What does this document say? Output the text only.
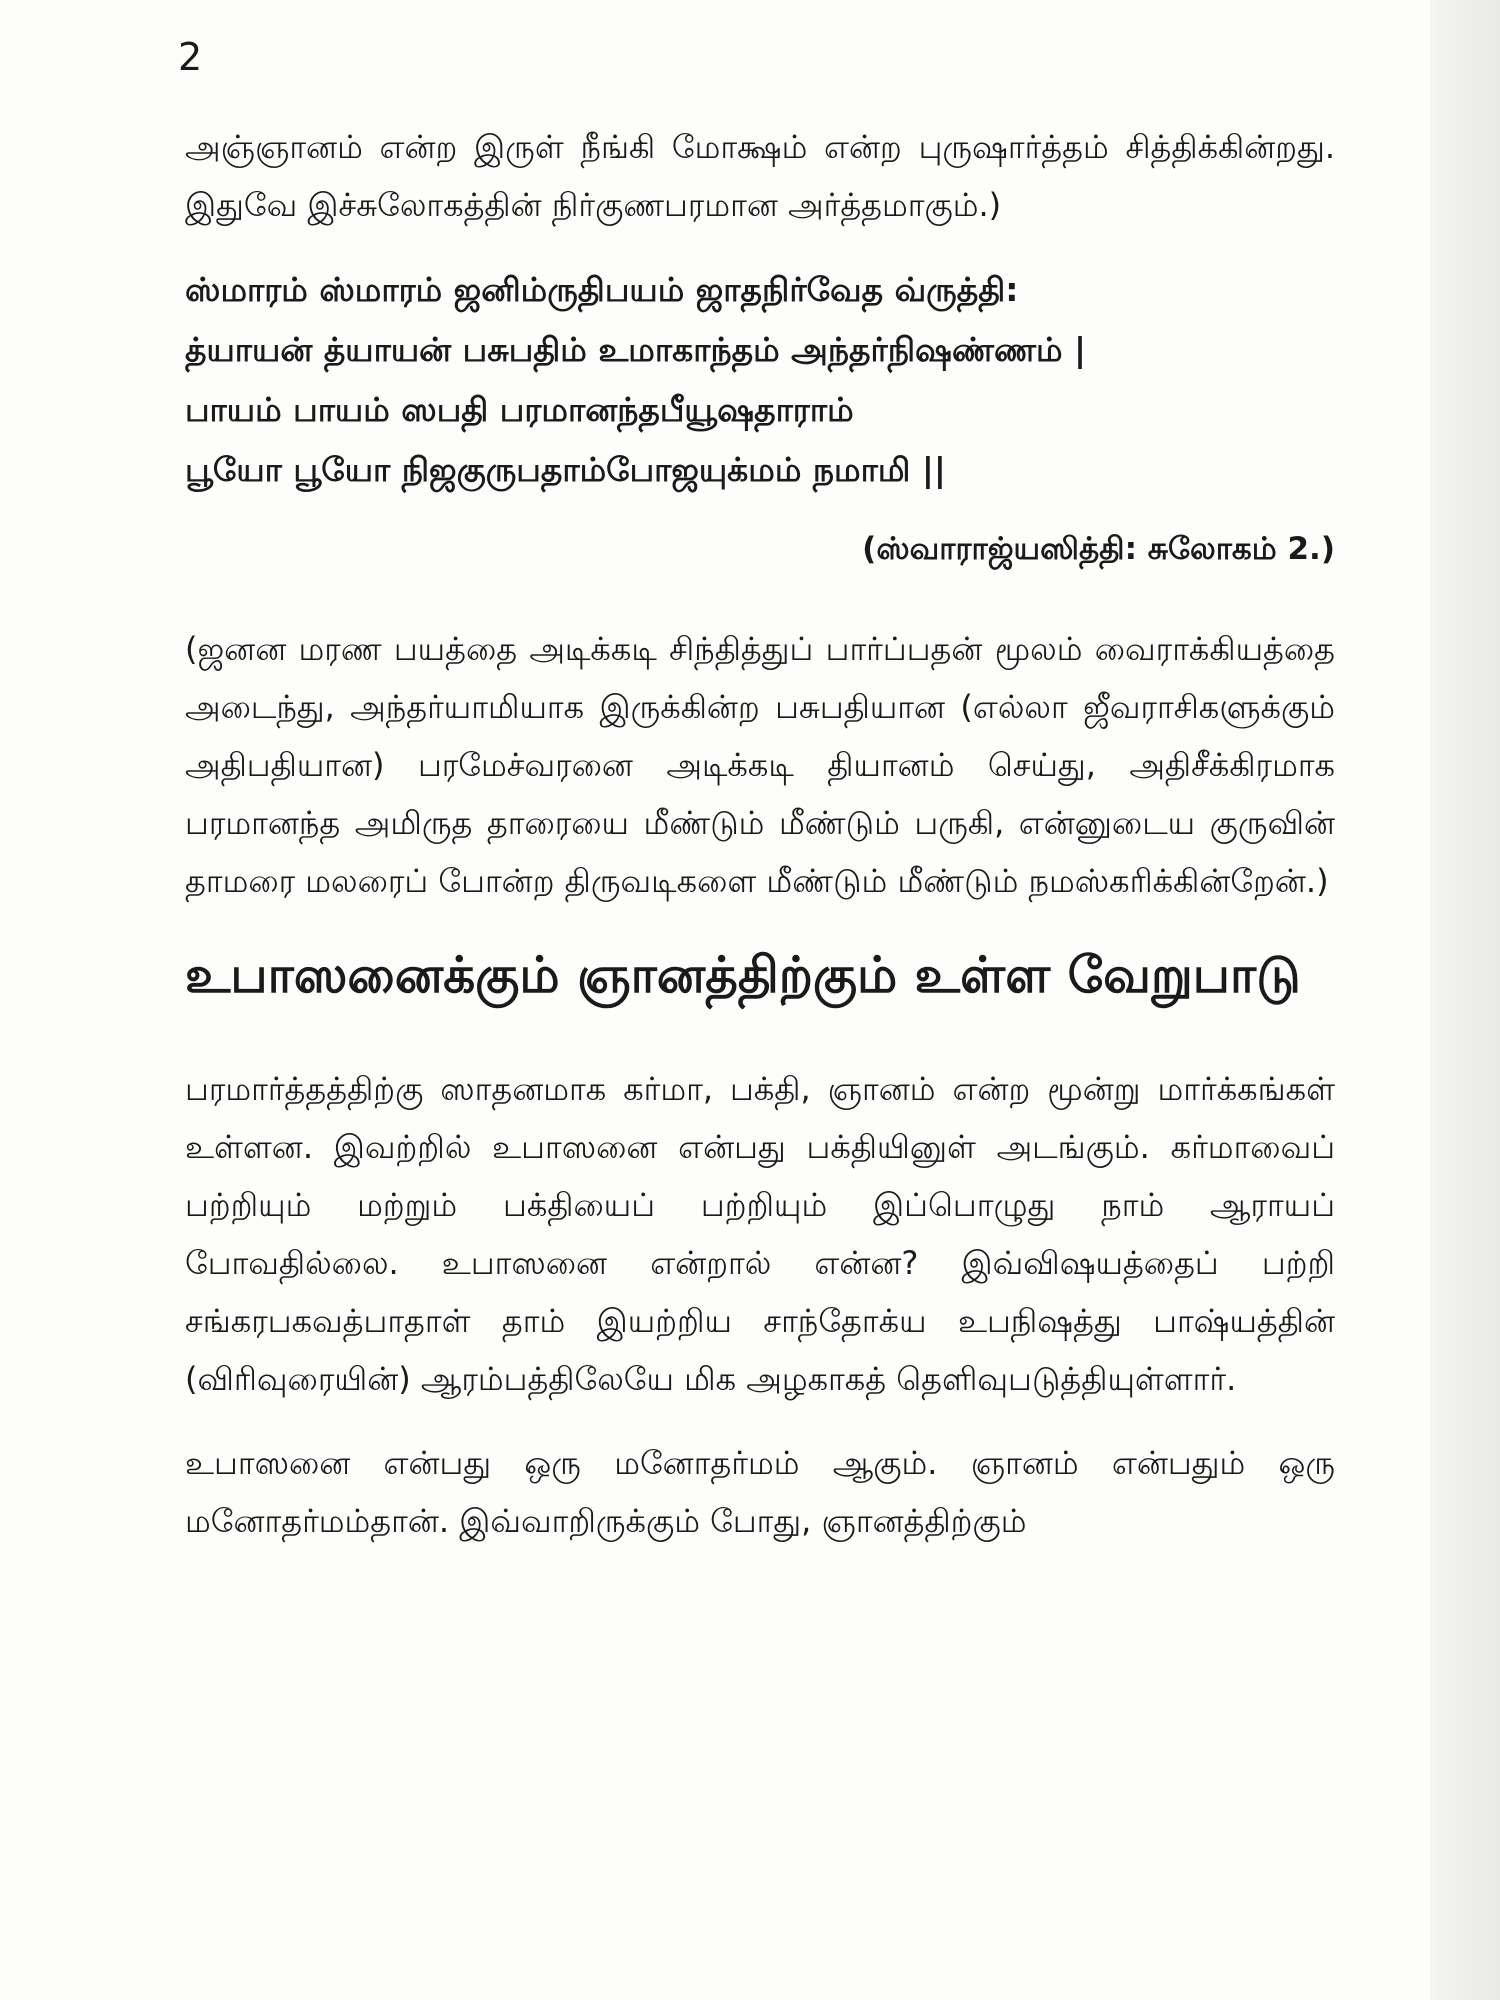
2

அஞ்ஞானம் என்ற இருள் நீங்கி மோக்ஷம் என்ற புருஷார்த்தம் சித்திக்கின்றது. இதுவே இச்சுலோகத்தின் நிர்குணபரமான அர்த்தமாகும்.)

ஸ்மாரம் ஸ்மாரம் ஜனிம்ருதிபயம் ஜாதநிர்வேத வ்ருத்தி:
த்யாயன் த்யாயன் பசுபதிம் உமாகாந்தம் அந்தர்நிஷண்ணம் |
பாயம் பாயம் ஸபதி பரமானந்தபீயூஷதாராம்
பூயோ பூயோ நிஜகுருபதாம்போஜயுக்மம் நமாமி ||
(ஸ்வாராஜ்யஸித்தி: சுலோகம் 2.)

(ஜனன மரண பயத்தை அடிக்கடி சிந்தித்துப் பார்ப்பதன் மூலம் வைராக்கியத்தை அடைந்து, அந்தர்யாமியாக இருக்கின்ற பசுபதியான (எல்லா ஜீவராசிகளுக்கும் அதிபதியான) பரமேச்வரனை அடிக்கடி தியானம் செய்து, அதிசீக்கிரமாக பரமானந்த அமிருத தாரையை மீண்டும் மீண்டும் பருகி, என்னுடைய குருவின் தாமரை மலரைப் போன்ற திருவடிகளை மீண்டும் மீண்டும் நமஸ்கரிக்கின்றேன்.)

உபாஸனைக்கும் ஞானத்திற்கும் உள்ள வேறுபாடு

பரமார்த்தத்திற்கு ஸாதனமாக கர்மா, பக்தி, ஞானம் என்ற மூன்று மார்க்கங்கள் உள்ளன. இவற்றில் உபாஸனை என்பது பக்தியினுள் அடங்கும். கர்மாவைப் பற்றியும் மற்றும் பக்தியைப் பற்றியும் இப்பொழுது நாம் ஆராயப் போவதில்லை. உபாஸனை என்றால் என்ன? இவ்விஷயத்தைப் பற்றி சங்கரபகவத்பாதாள் தாம் இயற்றிய சாந்தோக்ய உபநிஷத்து பாஷ்யத்தின் (விரிவுரையின்) ஆரம்பத்திலேயே மிக அழகாகத் தெளிவுபடுத்தியுள்ளார்.

உபாஸனை என்பது ஒரு மனோதர்மம் ஆகும். ஞானம் என்பதும் ஒரு மனோதர்மம்தான். இவ்வாறிருக்கும் போது, ஞானத்திற்கும்
